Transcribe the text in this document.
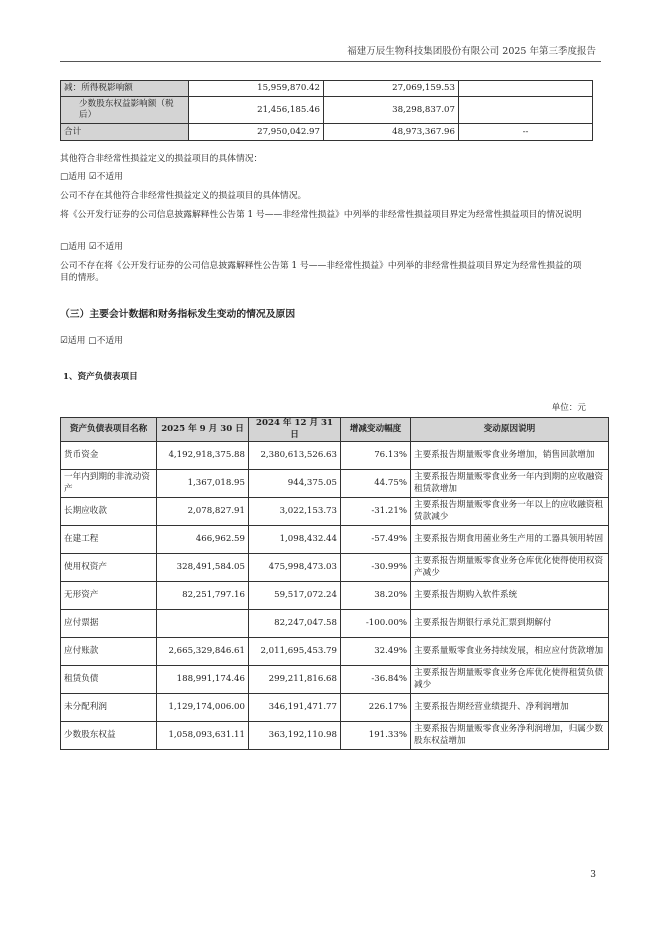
福建万辰生物科技集团股份有限公司 2025 年第三季度报告
减：所得税影响额	15,959,870.42	27,069,159.53	
少数股东权益影响额（税后）	21,456,185.46	38,298,837.07	
合计	27,950,042.97	48,973,367.96	--
其他符合非经常性损益定义的损益项目的具体情况：
□适用 ☑不适用
公司不存在其他符合非经常性损益定义的损益项目的具体情况。
将《公开发行证券的公司信息披露解释性公告第 1 号——非经常性损益》中列举的非经常性损益项目界定为经常性损益项目的情况说明
□适用 ☑不适用
公司不存在将《公开发行证券的公司信息披露解释性公告第 1 号——非经常性损益》中列举的非经常性损益项目界定为经常性损益的项目的情形。
（三）主要会计数据和财务指标发生变动的情况及原因
☑适用 □不适用
1、资产负债表项目
单位：元
资产负债表项目名称	2025 年 9 月 30 日	2024 年 12 月 31 日	增减变动幅度	变动原因说明
货币资金	4,192,918,375.88	2,380,613,526.63	76.13%	主要系报告期量贩零食业务增加，销售回款增加
一年内到期的非流动资产	1,367,018.95	944,375.05	44.75%	主要系报告期量贩零食业务一年内到期的应收融资租赁款增加
长期应收款	2,078,827.91	3,022,153.73	-31.21%	主要系报告期量贩零食业务一年以上的应收融资租赁款减少
在建工程	466,962.59	1,098,432.44	-57.49%	主要系报告期食用菌业务生产用的工器具领用转固
使用权资产	328,491,584.05	475,998,473.03	-30.99%	主要系报告期量贩零食业务仓库优化使得使用权资产减少
无形资产	82,251,797.16	59,517,072.24	38.20%	主要系报告期购入软件系统
应付票据		82,247,047.58	-100.00%	主要系报告期银行承兑汇票到期解付
应付账款	2,665,329,846.61	2,011,695,453.79	32.49%	主要系量贩零食业务持续发展，相应应付货款增加
租赁负债	188,991,174.46	299,211,816.68	-36.84%	主要系报告期量贩零食业务仓库优化使得租赁负债减少
未分配利润	1,129,174,006.00	346,191,471.77	226.17%	主要系报告期经营业绩提升、净利润增加
少数股东权益	1,058,093,631.11	363,192,110.98	191.33%	主要系报告期量贩零食业务净利润增加，归属少数股东权益增加
3
